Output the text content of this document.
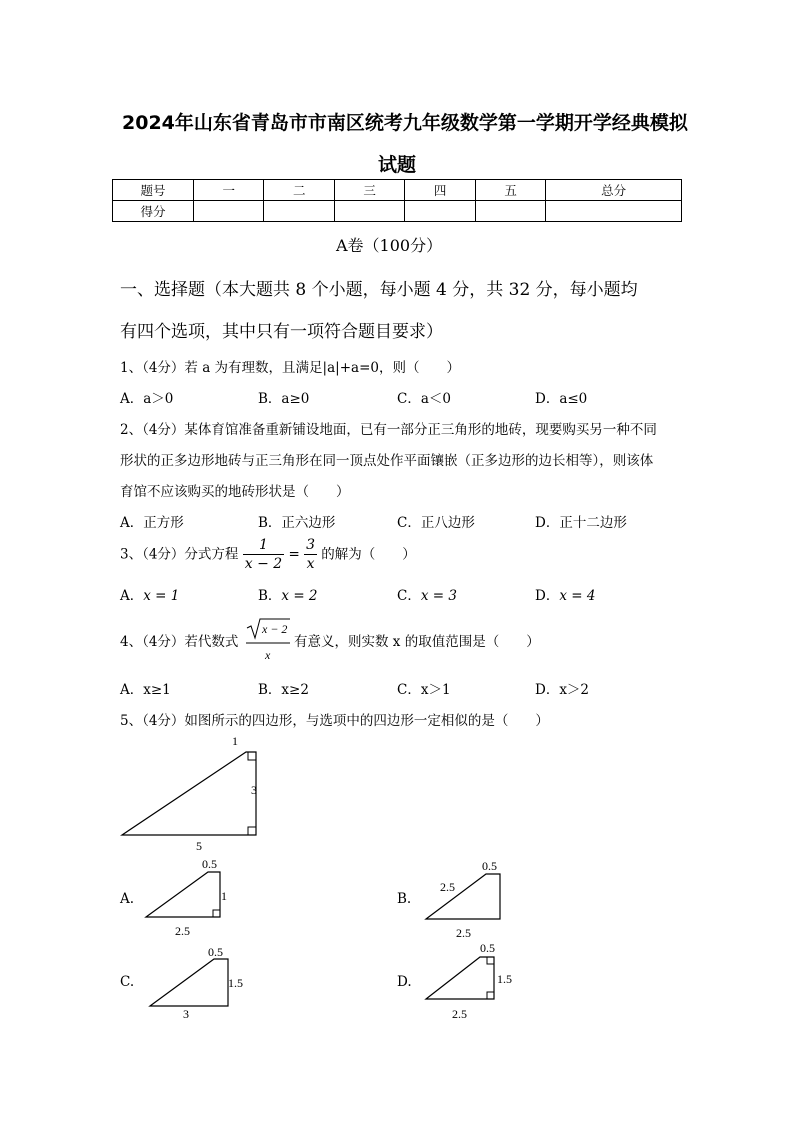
2024年山东省青岛市市南区统考九年级数学第一学期开学经典模拟
试题
题号	一	二	三	四	五	总分
得分						
A卷（100分）
一、选择题（本大题共 8 个小题，每小题 4 分，共 32 分，每小题均
有四个选项，其中只有一项符合题目要求）
1、（4分）若 a 为有理数，且满足|a|+a=0，则（　　）
A．a＞0	B．a≥0	C．a＜0	D．a≤0
2、（4分）某体育馆准备重新铺设地面，已有一部分正三角形的地砖，现要购买另一种不同
形状的正多边形地砖与正三角形在同一顶点处作平面镶嵌（正多边形的边长相等），则该体
育馆不应该购买的地砖形状是（　　）
A．正方形	B．正六边形	C．正八边形	D．正十二边形
3、（4分）分式方程 $\frac{1}{x - 2} = \frac{3}{x}$ 的解为（　　）
A．x = 1	B．x = 2	C．x = 3	D．x = 4
4、（4分）若代数式
x − 2
x
有意义，则实数 x 的取值范围是（　　）
A．x≥1	B．x≥2	C．x＞1	D．x＞2
5、（4分）如图所示的四边形，与选项中的四边形一定相似的是（　　）
1
3
5
A.
0.5
1
2.5
B.
0.5
2.5
2.5
C.
0.5
1.5
3
D.
0.5
1.5
2.5
